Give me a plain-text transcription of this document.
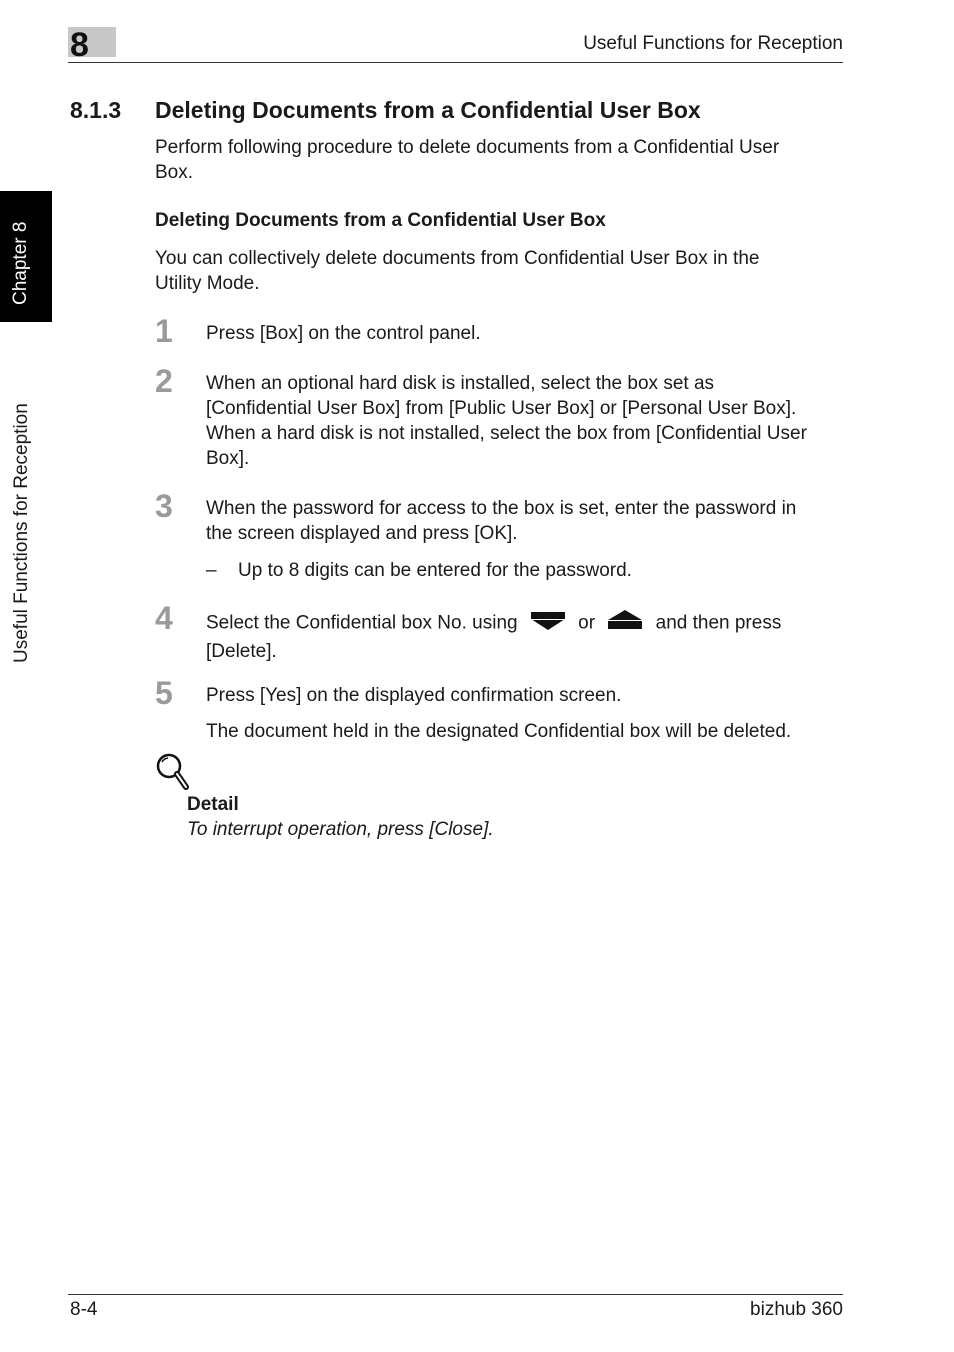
8	Useful Functions for Reception
Chapter 8
Useful Functions for Reception
8.1.3 Deleting Documents from a Confidential User Box
Perform following procedure to delete documents from a Confidential User
Box.
Deleting Documents from a Confidential User Box
You can collectively delete documents from Confidential User Box in the
Utility Mode.
1 Press [Box] on the control panel.
2 When an optional hard disk is installed, select the box set as
[Confidential User Box] from [Public User Box] or [Personal User Box].
When a hard disk is not installed, select the box from [Confidential User
Box].
3 When the password for access to the box is set, enter the password in
the screen displayed and press [OK].
– Up to 8 digits can be entered for the password.
4 Select the Confidential box No. using	or	and then press
[Delete].
5 Press [Yes] on the displayed confirmation screen.
The document held in the designated Confidential box will be deleted.
Detail
To interrupt operation, press [Close].
8-4	bizhub 360
